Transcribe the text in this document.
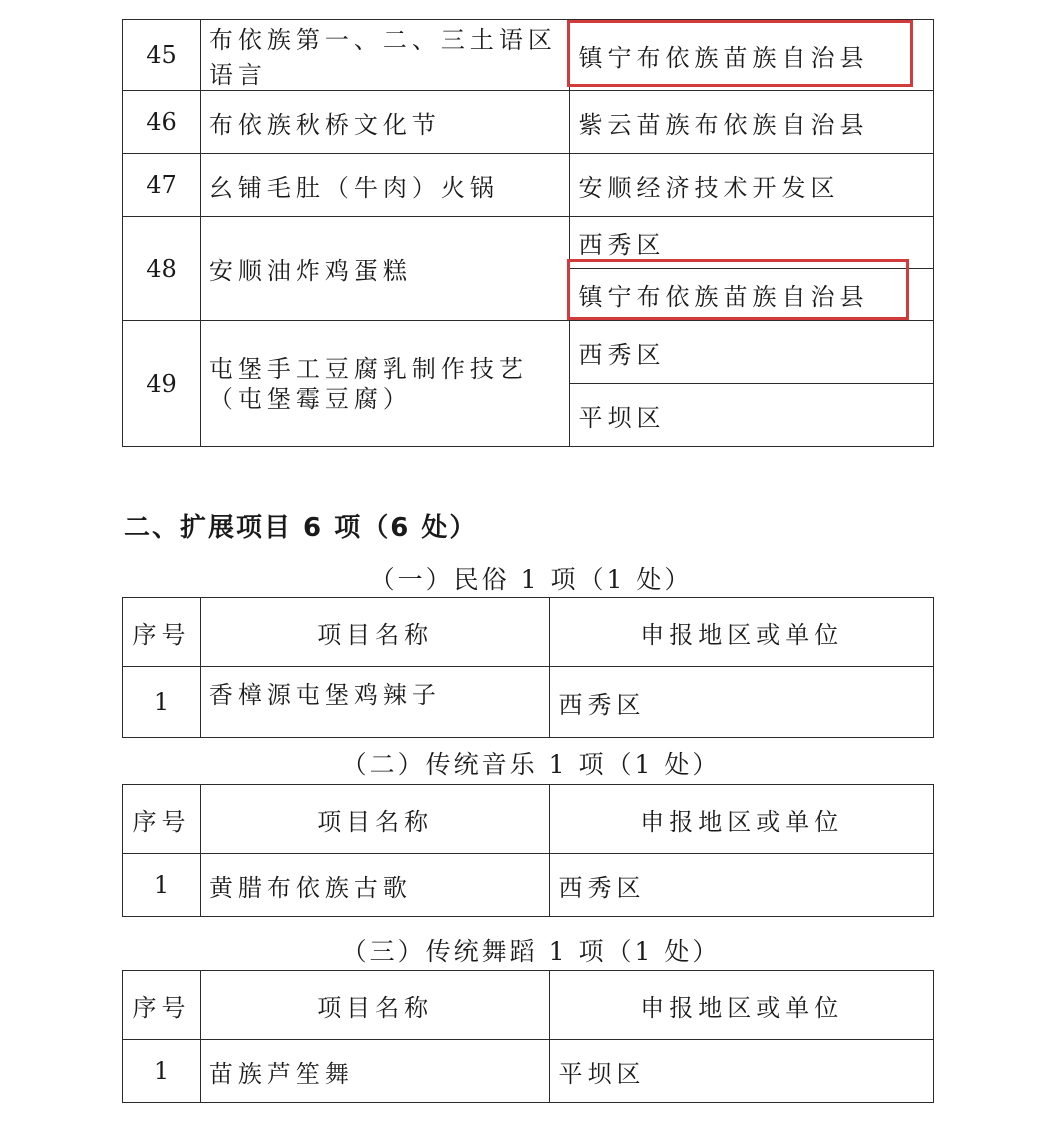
45	布依族第一、二、三土语区语言	镇宁布依族苗族自治县
46	布依族秋桥文化节	紫云苗族布依族自治县
47	幺铺毛肚（牛肉）火锅	安顺经济技术开发区
48	安顺油炸鸡蛋糕	西秀区
		镇宁布依族苗族自治县
49	屯堡手工豆腐乳制作技艺（屯堡霉豆腐）	西秀区
		平坝区
二、扩展项目 6 项（6 处）
（一）民俗 1 项（1 处）
序号	项目名称	申报地区或单位
1	香樟源屯堡鸡辣子	西秀区
（二）传统音乐 1 项（1 处）
序号	项目名称	申报地区或单位
1	黄腊布依族古歌	西秀区
（三）传统舞蹈 1 项（1 处）
序号	项目名称	申报地区或单位
1	苗族芦笙舞	平坝区
